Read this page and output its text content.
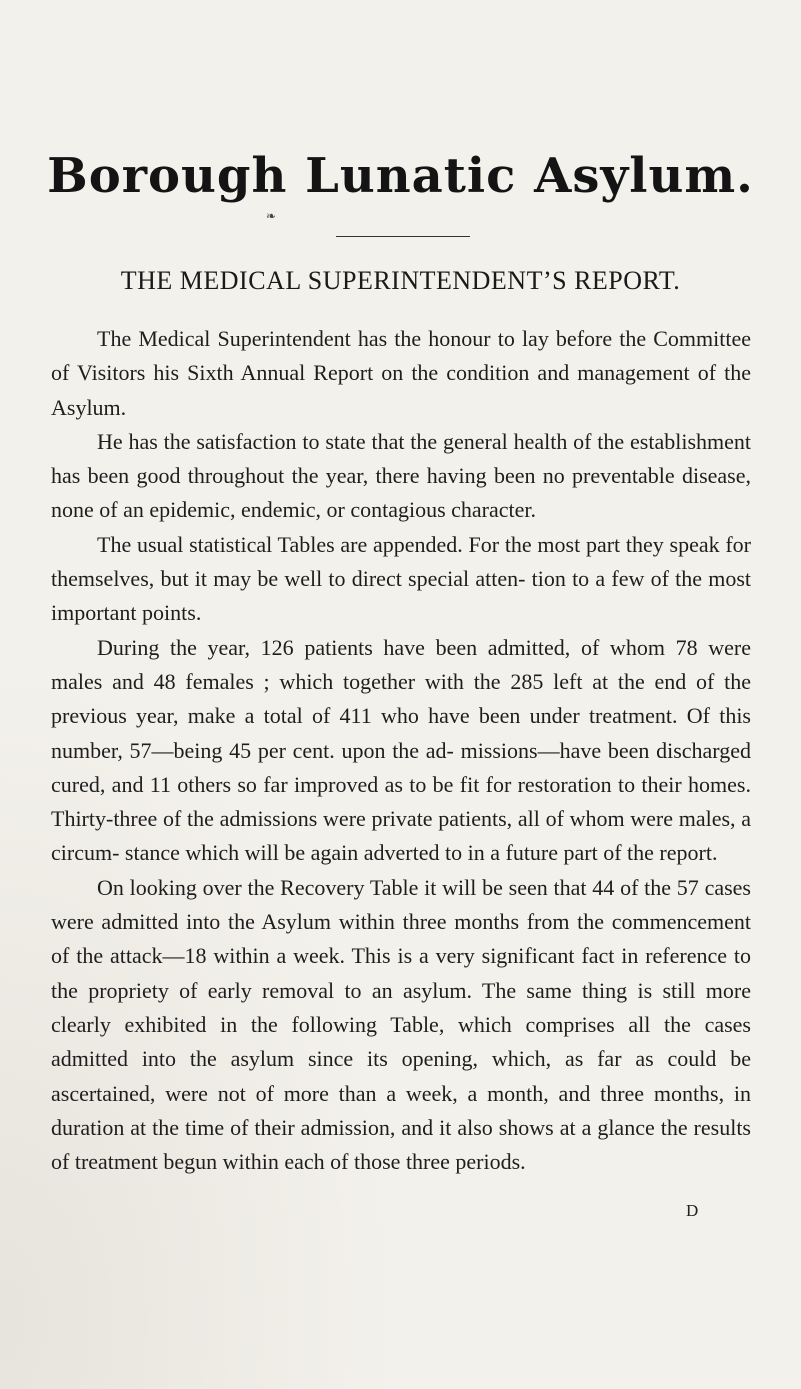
Borough Lunatic Asylum.
❧
THE MEDICAL SUPERINTENDENT’S REPORT.

The Medical Superintendent has the honour to lay before the Committee of Visitors his Sixth Annual Report on the condition and management of the Asylum.

He has the satisfaction to state that the general health of the establishment has been good throughout the year, there having been no preventable disease, none of an epidemic, endemic, or contagious character.

The usual statistical Tables are appended. For the most part they speak for themselves, but it may be well to direct special atten- tion to a few of the most important points.

During the year, 126 patients have been admitted, of whom 78 were males and 48 females ; which together with the 285 left at the end of the previous year, make a total of 411 who have been under treatment. Of this number, 57—being 45 per cent. upon the ad- missions—have been discharged cured, and 11 others so far improved as to be fit for restoration to their homes. Thirty-three of the admissions were private patients, all of whom were males, a circum- stance which will be again adverted to in a future part of the report.

On looking over the Recovery Table it will be seen that 44 of the 57 cases were admitted into the Asylum within three months from the commencement of the attack—18 within a week. This is a very significant fact in reference to the propriety of early removal to an asylum. The same thing is still more clearly exhibited in the following Table, which comprises all the cases admitted into the asylum since its opening, which, as far as could be ascertained, were not of more than a week, a month, and three months, in duration at the time of their admission, and it also shows at a glance the results of treatment begun within each of those three periods.

D
